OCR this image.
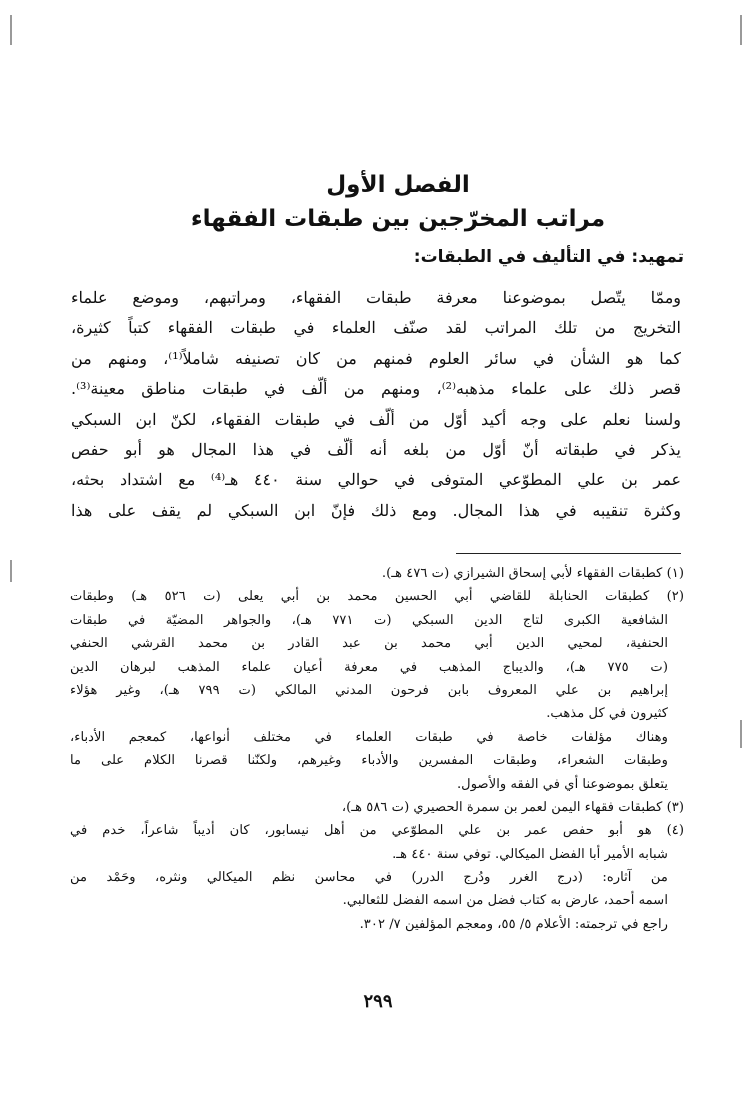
الفصل الأول
مراتب المخرّجين بين طبقات الفقهاء
تمهيد: في التأليف في الطبقات:
وممّا يتّصل بموضوعنا معرفة طبقات الفقهاء، ومراتبهم، وموضع علماء
التخريج من تلك المراتب لقد صنّف العلماء في طبقات الفقهاء كتباً كثيرة،
كما هو الشأن في سائر العلوم فمنهم من كان تصنيفه شاملاً⁽¹⁾، ومنهم من
قصر ذلك على علماء مذهبه⁽²⁾، ومنهم من ألّف في طبقات مناطق معينة⁽³⁾.
ولسنا نعلم على وجه أكيد أوّل من ألّف في طبقات الفقهاء، لكنّ ابن السبكي
يذكر في طبقاته أنّ أوّل من بلغه أنه ألّف في هذا المجال هو أبو حفص
عمر بن علي المطوّعي المتوفى في حوالي سنة ٤٤٠ هـ⁽⁴⁾ مع اشتداد بحثه،
وكثرة تنقيبه في هذا المجال. ومع ذلك فإنّ ابن السبكي لم يقف على هذا
(١) كطبقات الفقهاء لأبي إسحاق الشيرازي (ت ٤٧٦ هـ).
(٢) كطبقات الحنابلة للقاضي أبي الحسين محمد بن أبي يعلى (ت ٥٢٦ هـ) وطبقات
الشافعية الكبرى لتاج الدين السبكي (ت ٧٧١ هـ)، والجواهر المضيّة في طبقات
الحنفية، لمحيي الدين أبي محمد بن عبد القادر بن محمد القرشي الحنفي
(ت ٧٧٥ هـ)، والديباج المذهب في معرفة أعيان علماء المذهب لبرهان الدين
إبراهيم بن علي المعروف بابن فرحون المدني المالكي (ت ٧٩٩ هـ)، وغير هؤلاء
كثيرون في كل مذهب.
وهناك مؤلفات خاصة في طبقات العلماء في مختلف أنواعها، كمعجم الأدباء،
وطبقات الشعراء، وطبقات المفسرين والأدباء وغيرهم، ولكنّنا قصرنا الكلام على ما
يتعلق بموضوعنا أي في الفقه والأصول.
(٣) كطبقات فقهاء اليمن لعمر بن سمرة الحصيري (ت ٥٨٦ هـ)،
(٤) هو أبو حفص عمر بن علي المطوّعي من أهل نيسابور، كان أديباً شاعراً، خدم في
شبابه الأمير أبا الفضل الميكالي. توفي سنة ٤٤٠ هـ.
من آثاره: (درج الغرر ودُرج الدرر) في محاسن نظم الميكالي ونثره، وحَمْد من
اسمه أحمد، عارض به كتاب فضل من اسمه الفضل للثعالبي.
راجع في ترجمته: الأعلام ٥/ ٥٥، ومعجم المؤلفين ٧/ ٣٠٢.
٢٩٩
